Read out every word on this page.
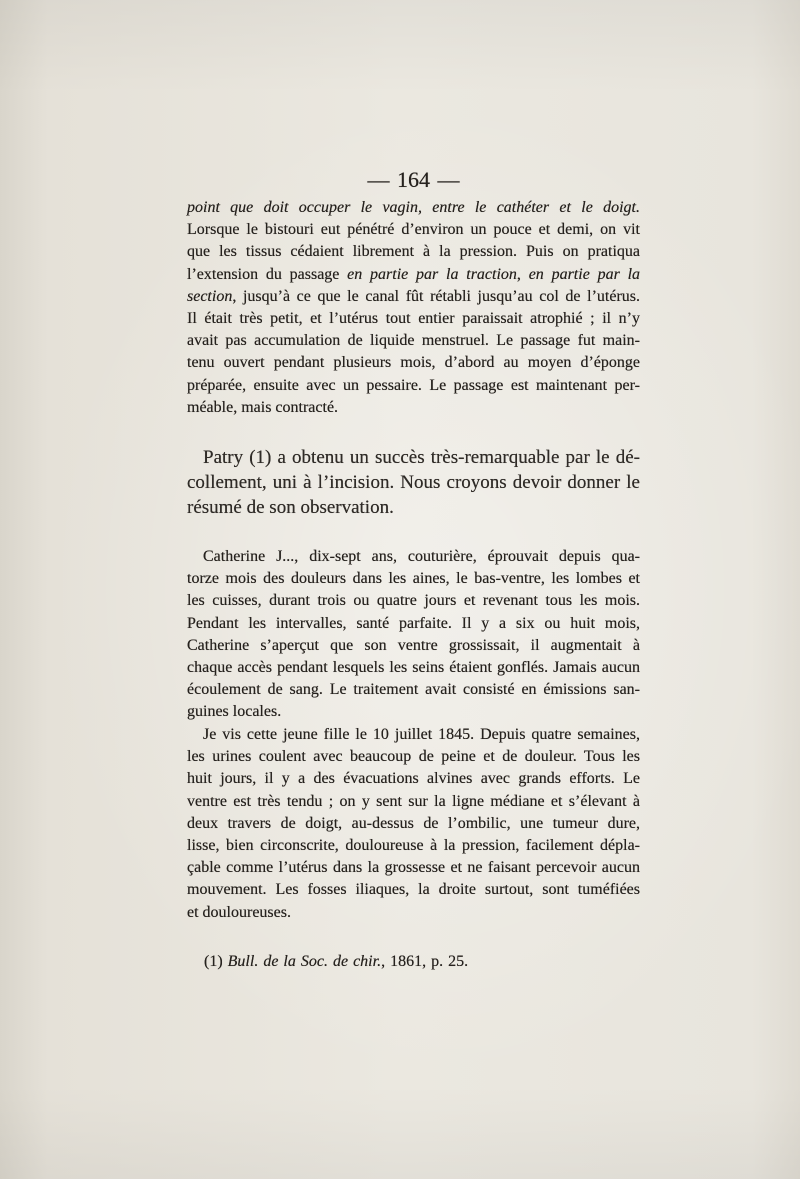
— 164 —
point que doit occuper le vagin, entre le cathéter et le doigt.
Lorsque le bistouri eut pénétré d’environ un pouce et demi, on vit
que les tissus cédaient librement à la pression. Puis on pratiqua
l’extension du passage en partie par la traction, en partie par la
section, jusqu’à ce que le canal fût rétabli jusqu’au col de l’utérus.
Il était très petit, et l’utérus tout entier paraissait atrophié ; il n’y
avait pas accumulation de liquide menstruel. Le passage fut main-
tenu ouvert pendant plusieurs mois, d’abord au moyen d’éponge
préparée, ensuite avec un pessaire. Le passage est maintenant per-
méable, mais contracté.
Patry (1) a obtenu un succès très-remarquable par le dé-
collement, uni à l’incision. Nous croyons devoir donner le
résumé de son observation.
Catherine J..., dix-sept ans, couturière, éprouvait depuis qua-
torze mois des douleurs dans les aines, le bas-ventre, les lombes et
les cuisses, durant trois ou quatre jours et revenant tous les mois.
Pendant les intervalles, santé parfaite. Il y a six ou huit mois,
Catherine s’aperçut que son ventre grossissait, il augmentait à
chaque accès pendant lesquels les seins étaient gonflés. Jamais aucun
écoulement de sang. Le traitement avait consisté en émissions san-
guines locales.
Je vis cette jeune fille le 10 juillet 1845. Depuis quatre semaines,
les urines coulent avec beaucoup de peine et de douleur. Tous les
huit jours, il y a des évacuations alvines avec grands efforts. Le
ventre est très tendu ; on y sent sur la ligne médiane et s’élevant à
deux travers de doigt, au-dessus de l’ombilic, une tumeur dure,
lisse, bien circonscrite, douloureuse à la pression, facilement dépla-
çable comme l’utérus dans la grossesse et ne faisant percevoir aucun
mouvement. Les fosses iliaques, la droite surtout, sont tuméfiées
et douloureuses.
(1) Bull. de la Soc. de chir., 1861, p. 25.
